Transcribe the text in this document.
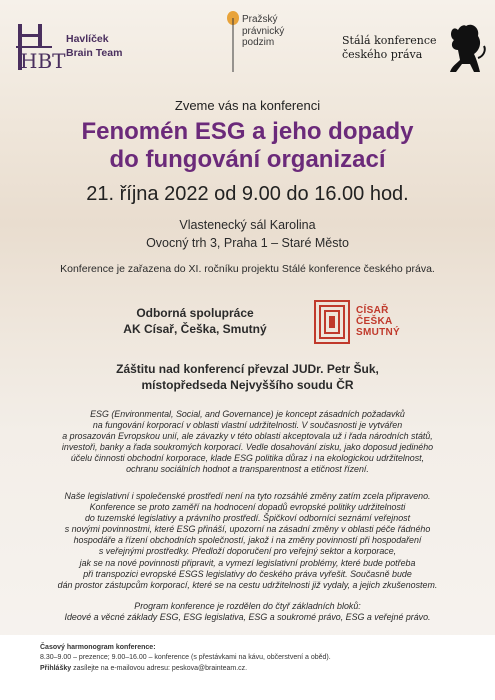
HBT
Havlíček
Brain Team
Pražský
právnický
podzim	Stálá konference
českého práva
Zveme vás na konferenci
Fenomén ESG a jeho dopady
do fungování organizací
21. října 2022 od 9.00 do 16.00 hod.
Vlastenecký sál Karolina
Ovocný trh 3, Praha 1 – Staré Město
Konference je zařazena do XI. ročníku projektu Stálé konference českého práva.
Odborná spolupráce
AK Císař, Češka, Smutný
CÍSAŘ
ČEŠKA
SMUTNÝ
Záštitu nad konferencí převzal JUDr. Petr Šuk,
místopředseda Nejvyššího soudu ČR
ESG (Environmental, Social, and Governance) je koncept zásadních požadavků
na fungování korporací v oblasti vlastní udržitelnosti. V současnosti je vytvářen
a prosazován Evropskou unií, ale závazky v této oblasti akceptovala už i řada národních států,
investoři, banky a řada soukromých korporací. Vedle dosahování zisku, jako doposud jediného
účelu činnosti obchodní korporace, klade ESG politika důraz i na ekologickou udržitelnost,
ochranu sociálních hodnot a transparentnost a etičnost řízení.
Naše legislativní i společenské prostředí není na tyto rozsáhlé změny zatím zcela připraveno.
Konference se proto zaměří na hodnocení dopadů evropské politiky udržitelnosti
do tuzemské legislativy a právního prostředí. Špičkoví odborníci seznámí veřejnost
s novými povinnostmi, které ESG přináší, upozorní na zásadní změny v oblasti péče řádného
hospodáře a řízení obchodních společností, jakož i na změny povinností při hospodaření
s veřejnými prostředky. Předloží doporučení pro veřejný sektor a korporace,
jak se na nové povinnosti připravit, a vymezí legislativní problémy, které bude potřeba
při transpozici evropské ESGS legislativy do českého práva vyřešit. Současně bude
dán prostor zástupcům korporací, které se na cestu udržitelnosti již vydaly, a jejich zkušenostem.
Program konference je rozdělen do čtyř základních bloků:
Ideové a věcné základy ESG, ESG legislativa, ESG a soukromé právo, ESG a veřejné právo.
Časový harmonogram konference:
8.30–9.00 – prezence; 9.00–16.00 – konference (s přestávkami na kávu, občerstvení a oběd).
Přihlášky zasílejte na e-mailovou adresu: peskova@brainteam.cz.
